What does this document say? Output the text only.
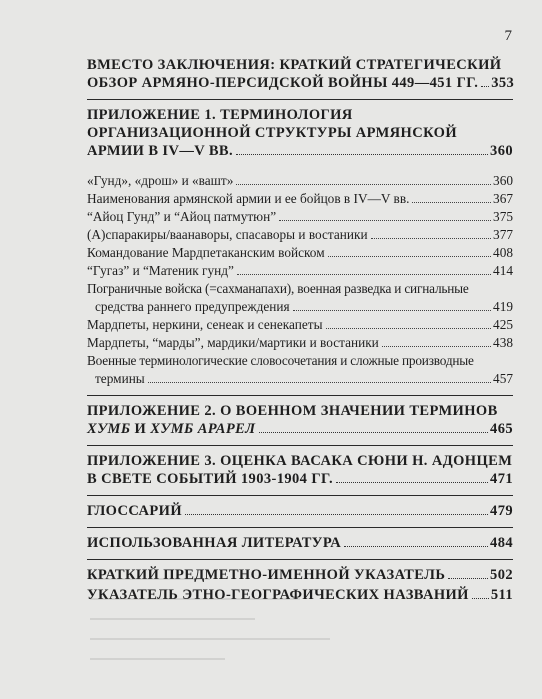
7
ВМЕСТО ЗАКЛЮЧЕНИЯ: КРАТКИЙ СТРАТЕГИЧЕСКИЙ
ОБЗОР АРМЯНО-ПЕРСИДСКОЙ ВОЙНЫ 449—451 ГГ. 353
ПРИЛОЖЕНИЕ 1. ТЕРМИНОЛОГИЯ
ОРГАНИЗАЦИОННОЙ СТРУКТУРЫ АРМЯНСКОЙ
АРМИИ В IV—V ВВ.	360
«Гунд», «дрош» и «вашт»	360
Наименования армянской армии и ее бойцов в IV—V вв.	367
“Айоц Гунд” и “Айоц патмутюн”	375
(А)спаракиры/ваанаворы, спасаворы и востаники	377
Командование Мардпетаканским войском	408
“Гугаз” и “Матеник гунд”	414
Пограничные войска (=сахманапахи), военная разведка и сигнальные
средства раннего предупреждения	419
Мардпеты, неркини, сенеак и сенекапеты	425
Мардпеты, “марды”, мардики/мартики и востаники	438
Военные терминологические словосочетания и сложные производные
термины	457
ПРИЛОЖЕНИЕ 2. О ВОЕННОМ ЗНАЧЕНИИ ТЕРМИНОВ
ХУМБ И ХУМБ АРАРЕЛ	465
ПРИЛОЖЕНИЕ 3. ОЦЕНКА ВАСАКА СЮНИ Н. АДОНЦЕМ
В СВЕТЕ СОБЫТИЙ 1903-1904 ГГ.	471
ГЛОССАРИЙ	479
ИСПОЛЬЗОВАННАЯ ЛИТЕРАТУРА	484
КРАТКИЙ ПРЕДМЕТНО-ИМЕННОЙ УКАЗАТЕЛЬ	502
УКАЗАТЕЛЬ ЭТНО-ГЕОГРАФИЧЕСКИХ НАЗВАНИЙ 511
